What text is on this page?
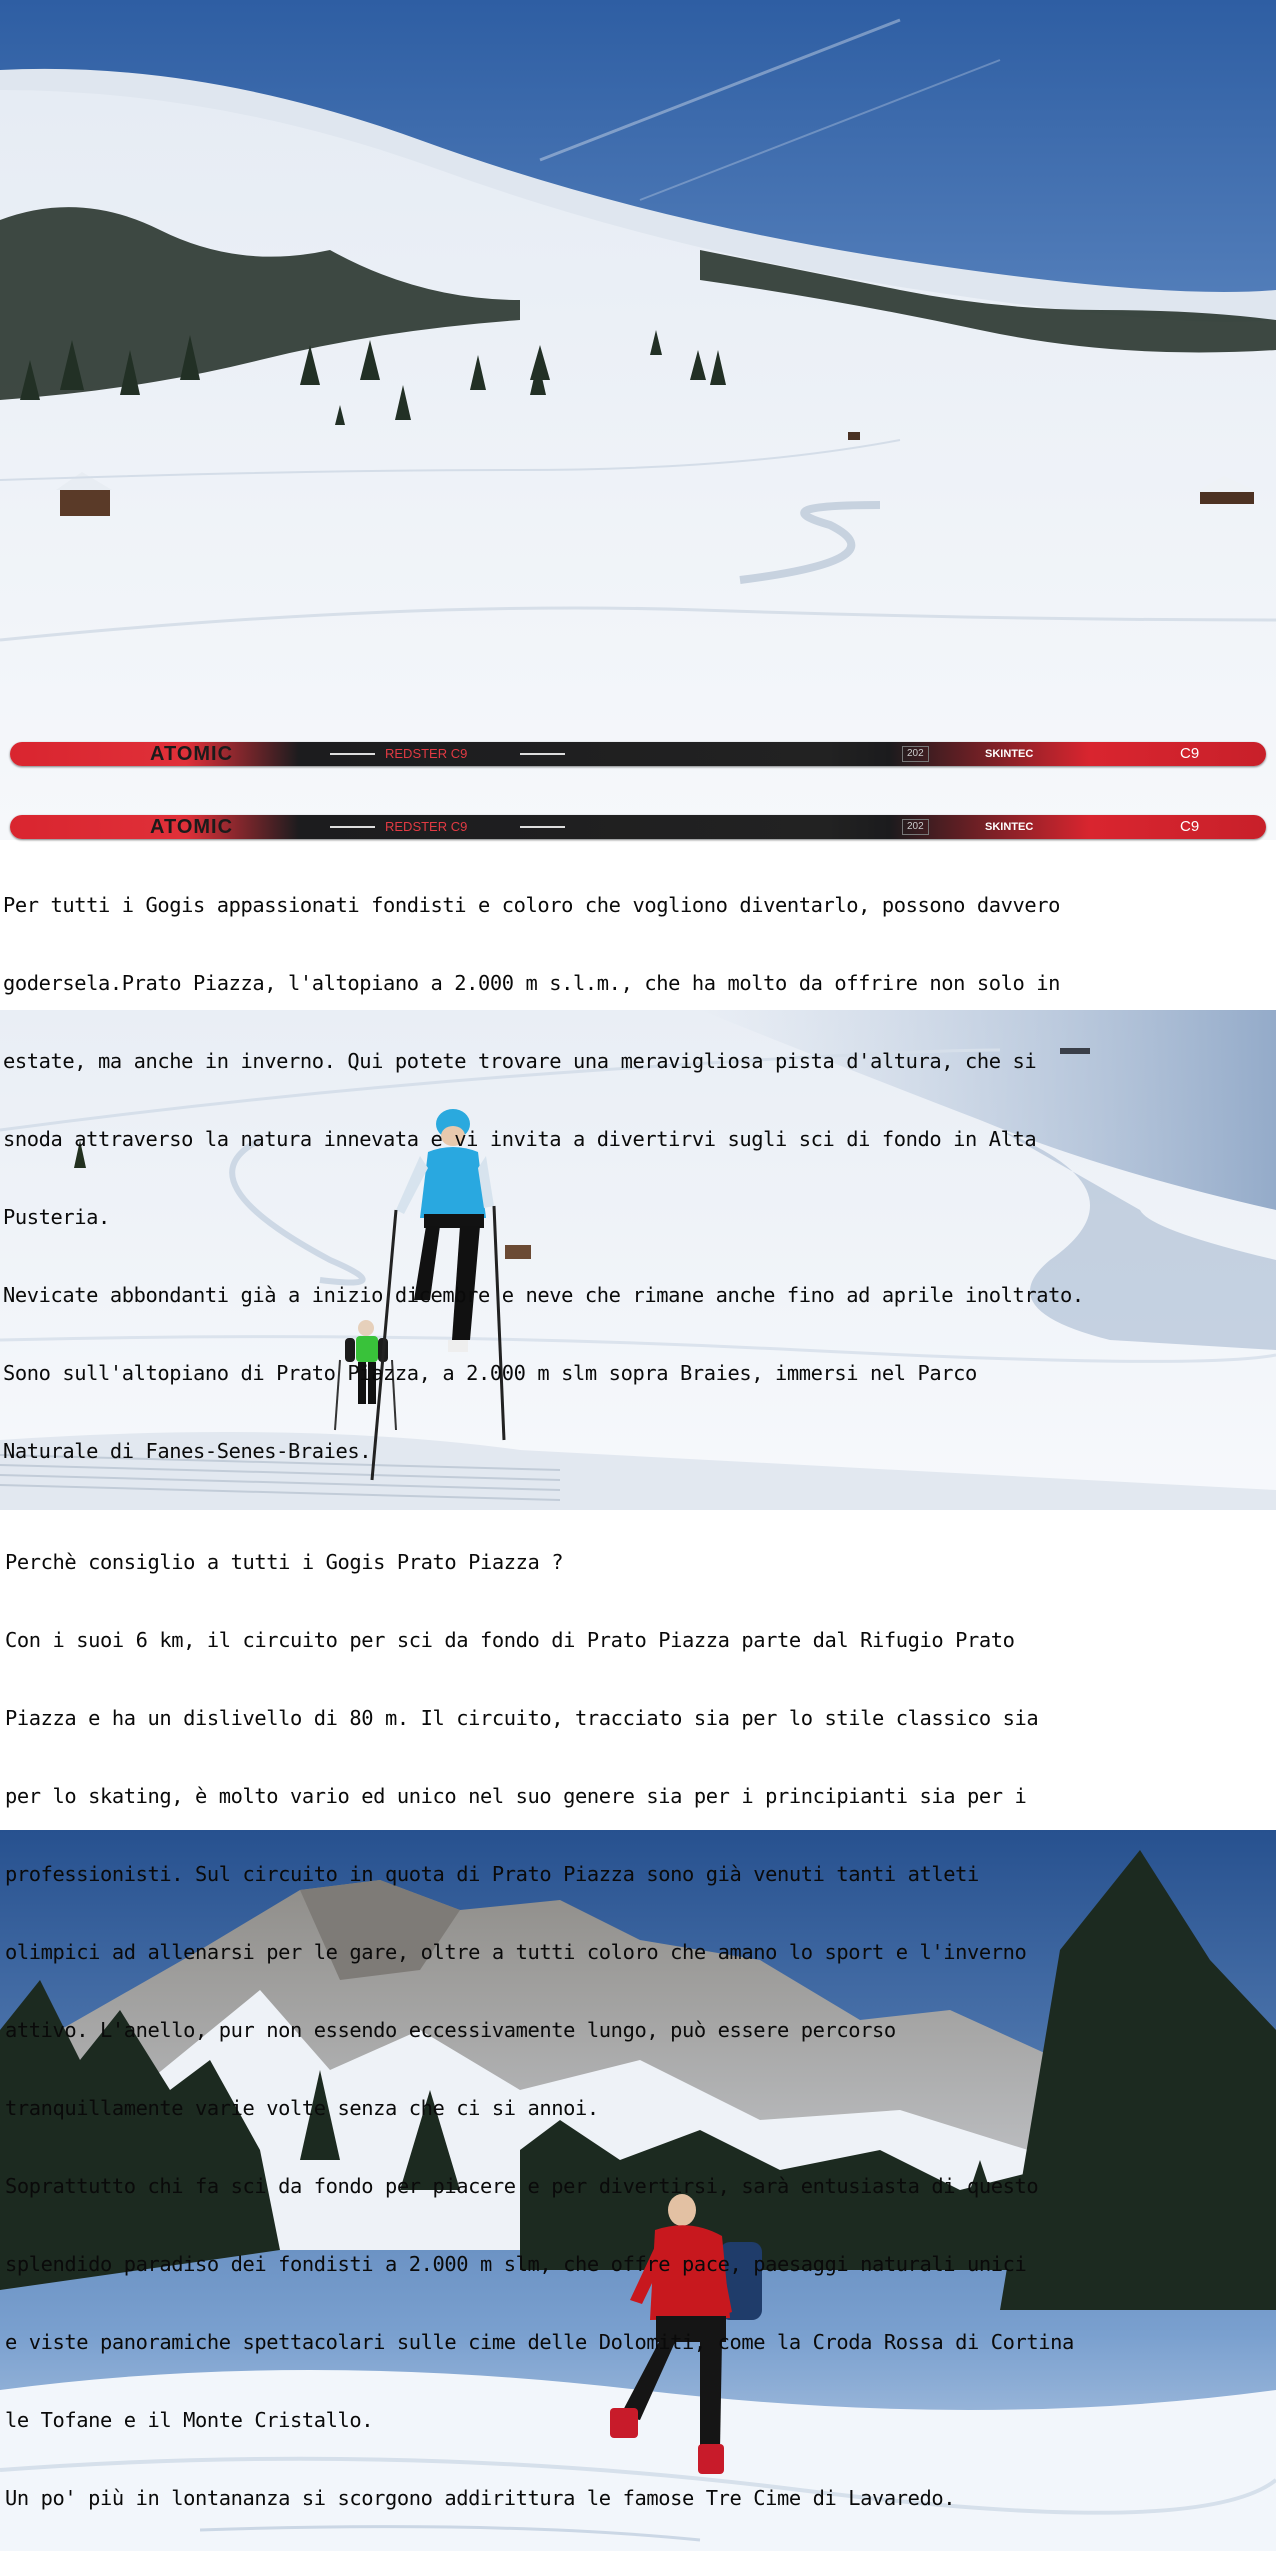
ATOMIC	REDSTER C9	202	SKINTEC	C9
ATOMIC	REDSTER C9	202	SKINTEC	C9

Per tutti i Gogis appassionati fondisti e coloro che vogliono diventarlo, possono davvero

godersela.Prato Piazza, l'altopiano a 2.000 m s.l.m., che ha molto da offrire non solo in

estate, ma anche in inverno. Qui potete trovare una meravigliosa pista d'altura, che si

snoda attraverso la natura innevata e vi invita a divertirvi sugli sci di fondo in Alta

Pusteria.

Nevicate abbondanti già a inizio dicembre e neve che rimane anche fino ad aprile inoltrato.

Sono sull'altopiano di Prato Piazza, a 2.000 m slm sopra Braies, immersi nel Parco

Naturale di Fanes-Senes-Braies.

Perchè consiglio a tutti i Gogis Prato Piazza ?

Con i suoi 6 km, il circuito per sci da fondo di Prato Piazza parte dal Rifugio Prato

Piazza e ha un dislivello di 80 m. Il circuito, tracciato sia per lo stile classico sia

per lo skating, è molto vario ed unico nel suo genere sia per i principianti sia per i

professionisti. Sul circuito in quota di Prato Piazza sono già venuti tanti atleti

olimpici ad allenarsi per le gare, oltre a tutti coloro che amano lo sport e l'inverno

attivo. L'anello, pur non essendo eccessivamente lungo, può essere percorso

tranquillamente varie volte senza che ci si annoi.

Soprattutto chi fa sci da fondo per piacere e per divertirsi, sarà entusiasta di questo

splendido paradiso dei fondisti a 2.000 m slm, che offre pace, paesaggi naturali unici

e viste panoramiche spettacolari sulle cime delle Dolomiti, come la Croda Rossa di Cortina

le Tofane e il Monte Cristallo.

Un po' più in lontananza si scorgono addirittura le famose Tre Cime di Lavaredo.
